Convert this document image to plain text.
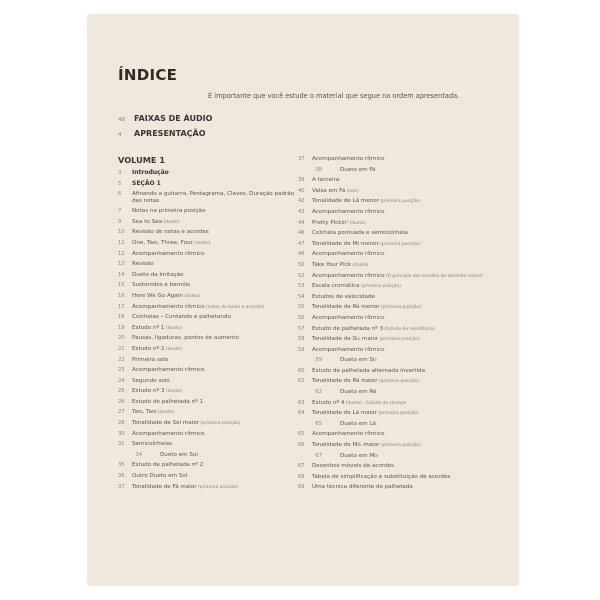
ÍNDICE
É importante que você estude o material que segue na ordem apresentada.
48 FAIXAS DE ÁUDIO
4 APRESENTAÇÃO
VOLUME 1
3	Introdução
5	SEÇÃO 1
6	Afinando a guitarra, Pentagrama, Claves, Duração padrão das notas
7	Notas na primeira posição
9	Sea to Sea (dueto)
10	Revisão de notas e acordes
11	One, Two, Three, Four (dueto)
12	Acompanhamento rítmico
13	Revisão
14	Dueto da imitação
15	Sustenidos e bemóis
16	Here We Go Again (dueto)
17	Acompanhamento rítmico (notas da baixa e acordes)
18	Colcheias – Contando e palhetando
19	Estudo nº 1 (dueto)
20	Pausas, ligaduras, pontos de aumento
21	Estudo nº 2 (dueto)
22	Primeiro solo
23	Acompanhamento rítmico
24	Segundo solo
25	Estudo nº 3 (dueto)
26	Estudo de palhetada nº 1
27	Two, Two (dueto)
28	Tonalidade de Sol maior (primeira posição)
30	Acompanhamento rítmico
31	Semicolcheias
34	Dueto em Sol
35	Estudo de palhetada nº 2
36	Outro Dueto em Sol
37	Tonalidade de Fá maior (primeira posição)
37	Acompanhamento rítmico
38	Dueto em Fá
39	A terceira
40	Valsa em Fá (solo)
42	Tonalidade de Lá menor (primeira posição)
43	Acompanhamento rítmico
44	Pretty Pickin' (dueto)
46	Colcheia pontuada e semicolcheia
47	Tonalidade de Mi menor (primeira posição)
48	Acompanhamento rítmico
50	Take Your Pick (dueto)
52	Acompanhamento rítmico (O princípio dos acordes de desenho móvel)
53	Escala cromática (primeira posição)
54	Estudos de velocidade
55	Tonalidade de Ré menor (primeira posição)
56	Acompanhamento rítmico
57	Estudo de palhetada nº 3 (Estudo de resistência)
58	Tonalidade de Si♭ maior (primeira posição)
59	Acompanhamento rítmico
59	Dueto em Si♭
60	Estudo de palhetada alternada invertida
61	Tonalidade de Ré maior (primeira posição)
62	Dueto em Ré
63	Estudo nº 4 (dueto) · Estudo de síncope
64	Tonalidade de Lá maior (primeira posição)
65	Dueto em Lá
65	Acompanhamento rítmico
66	Tonalidade de Mi♭ maior (primeira posição)
67	Dueto em Mi♭
67	Desenhos móveis de acordes
68	Tabela de simplificação e substituição de acordes
69	Uma técnica diferente de palhetada
